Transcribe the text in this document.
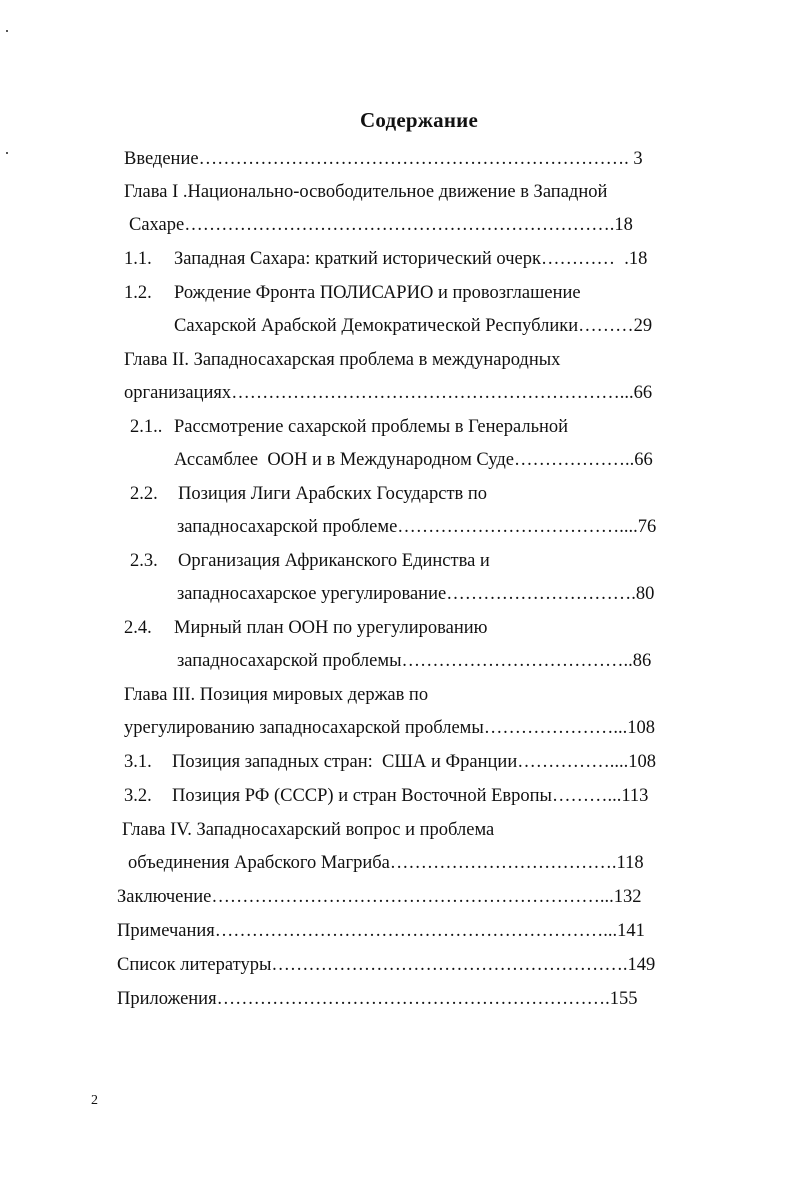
Содержание
Введение……………………………………………………………. 3
Глава I .Национально-освободительное движение в Западной
Сахаре…………………………………………………………….18
1.1. Западная Сахара: краткий исторический очерк…………  .18
1.2. Рождение Фронта ПОЛИСАРИО и провозглашение
Сахарской Арабской Демократической Республики………29
Глава II. Западносахарская проблема в международных
организациях………………………………………………………...66
2.1.. Рассмотрение сахарской проблемы в Генеральной
Ассамблее  ООН и в Международном Суде………………..66
2.2. Позиция Лиги Арабских Государств по
западносахарской проблеме………………………………....76
2.3. Организация Африканского Единства и
западносахарское урегулирование………………………….80
2.4. Мирный план ООН по урегулированию
западносахарской проблемы………………………………..86
Глава III. Позиция мировых держав по
урегулированию западносахарской проблемы…………………...108
3.1. Позиция западных стран:  США и Франции……………....108
3.2. Позиция РФ (СССР) и стран Восточной Европы………...113
Глава IV. Западносахарский вопрос и проблема
объединения Арабского Магриба……………………………….118
Заключение………………………………………………………...132
Примечания………………………………………………………...141
Список литературы………………………………………………….149
Приложения……………………………………………………….155
2
